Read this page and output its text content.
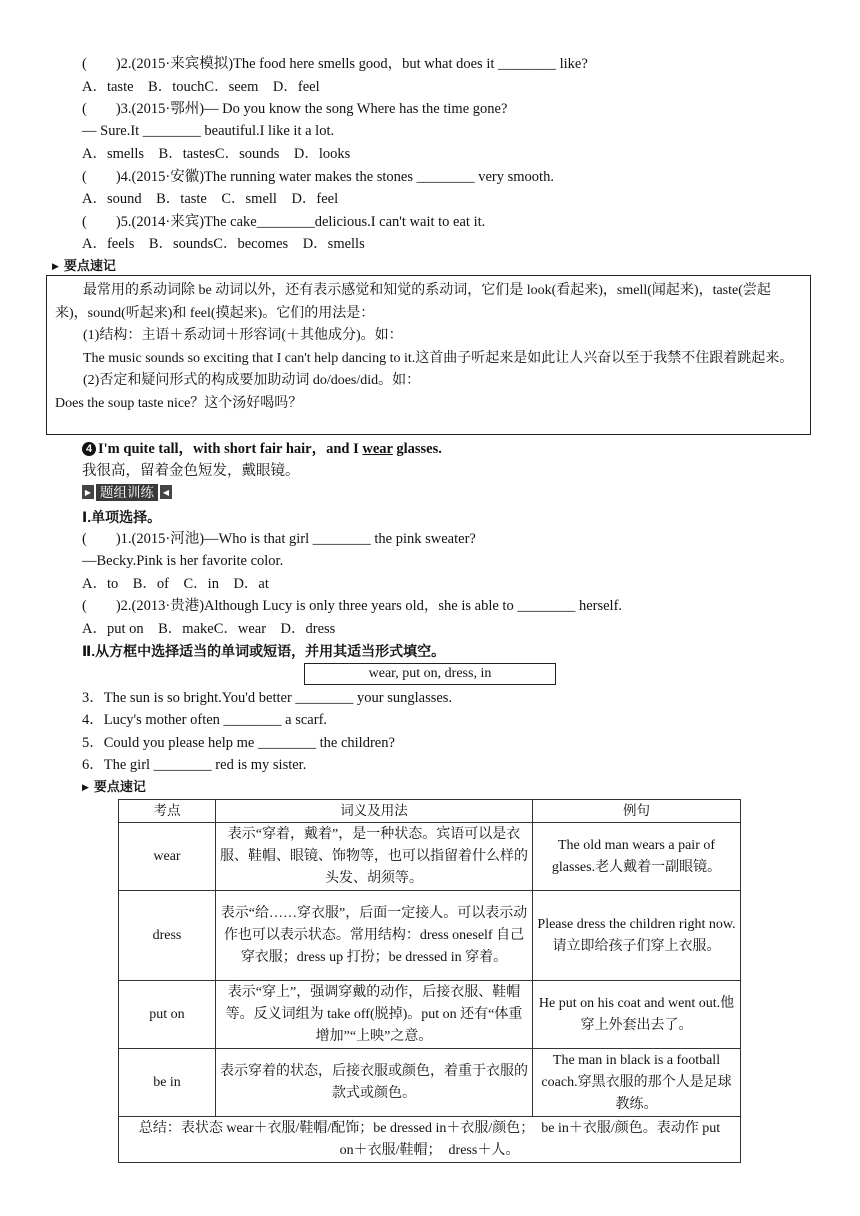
(　　)2.(2015·来宾模拟)The food here smells good，but what does it ________ like?
A．taste　B．touchC．seem　D．feel
(　　)3.(2015·鄂州)— Do you know the song Where has the time gone?
— Sure.It ________ beautiful.I like it a lot.
A．smells　B．tastesC．sounds　D．looks
(　　)4.(2015·安徽)The running water makes the stones ________ very smooth.
A．sound　B．taste　C．smell　D．feel
(　　)5.(2014·来宾)The cake________delicious.I can't wait to eat it.
A．feels　B．soundsC．becomes　D．smells
▶ 要点速记

最常用的系动词除 be 动词以外，还有表示感觉和知觉的系动词，它们是 look(看起来)，smell(闻起来)，taste(尝起来)，sound(听起来)和 feel(摸起来)。它们的用法是：

(1)结构：主语＋系动词＋形容词(＋其他成分)。如：

The music sounds so exciting that I can't help dancing to it.这首曲子听起来是如此让人兴奋以至于我禁不住跟着跳起来。

(2)否定和疑问形式的构成要加助动词 do/does/did。如：

Does the soup taste nice？这个汤好喝吗？

4 I'm quite tall，with short fair hair，and I wear glasses.
我很高，留着金色短发，戴眼镜。
▶ 题组训练	◀
Ⅰ.单项选择。
(　　)1.(2015·河池)—Who is that girl ________ the pink sweater?
—Becky.Pink is her favorite color.
A．to　B．of　C．in　D．at
(　　)2.(2013·贵港)Although Lucy is only three years old，she is able to ________ herself.
A．put on　B．makeC．wear　D．dress
Ⅱ.从方框中选择适当的单词或短语，并用其适当形式填空。
wear, put on, dress, in
3．The sun is so bright.You'd better ________ your sunglasses.
4．Lucy's mother often ________ a scarf.
5．Could you please help me ________ the children?
6．The girl ________ red is my sister.
▶ 要点速记
考点	词义及用法	例句
wear	表示“穿着，戴着”，是一种状态。宾语可以是衣服、鞋帽、眼镜、饰物等，也可以指留着什么样的头发、胡须等。	The old man wears a pair of glasses.老人戴着一副眼镜。
dress	表示“给……穿衣服”，后面一定接人。可以表示动作也可以表示状态。常用结构：dress oneself 自己穿衣服；dress up 打扮；be dressed in 穿着。	Please dress the children right now.请立即给孩子们穿上衣服。
put on	表示“穿上”，强调穿戴的动作，后接衣服、鞋帽等。反义词组为 take off(脱掉)。put on 还有“体重增加”“上映”之意。	He put on his coat and went out.他穿上外套出去了。
be in	表示穿着的状态，后接衣服或颜色，着重于衣服的款式或颜色。	The man in black is a football coach.穿黑衣服的那个人是足球教练。
总结：表状态 wear＋衣服/鞋帽/配饰；be dressed in＋衣服/颜色；　be in＋衣服/颜色。表动作 put on＋衣服/鞋帽；　dress＋人。		
